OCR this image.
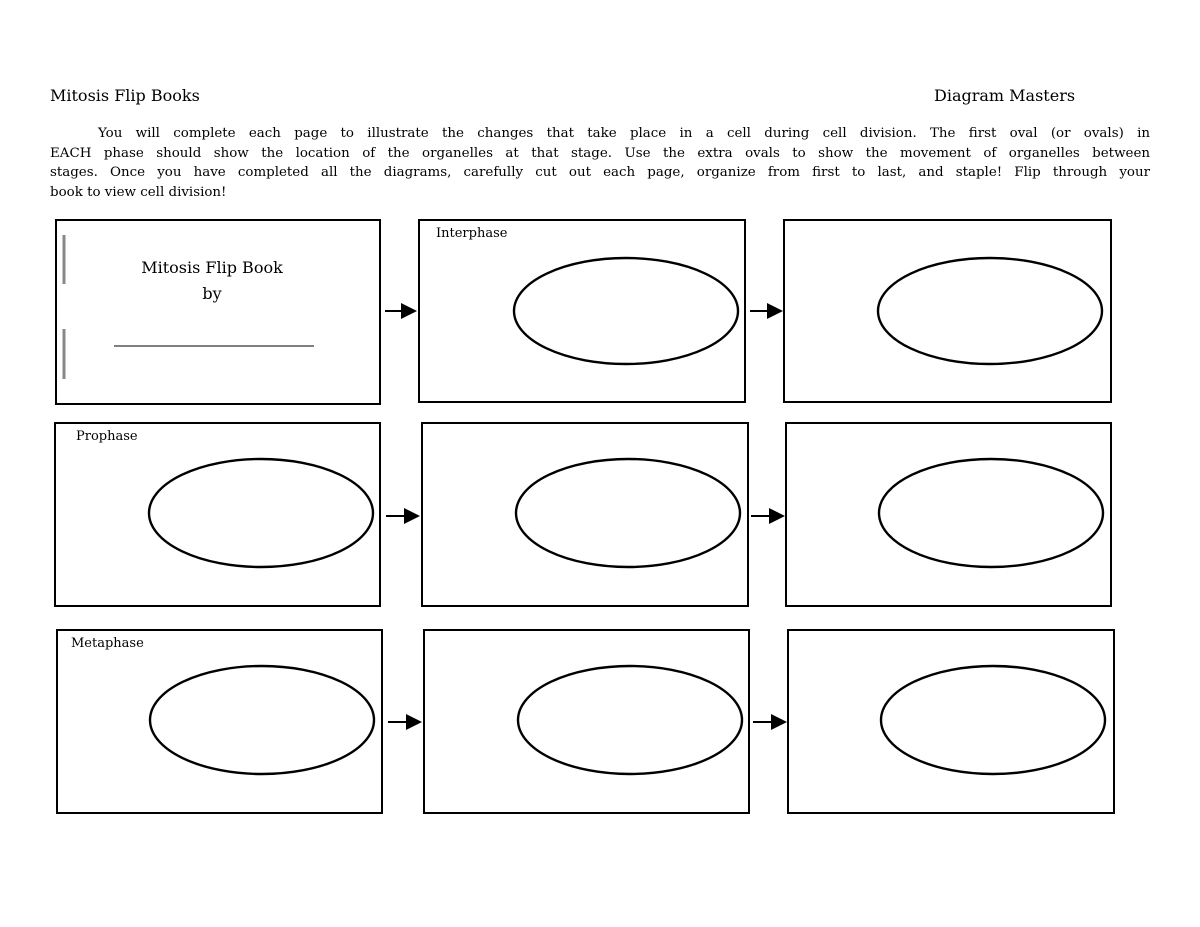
Mitosis Flip Books	Diagram Masters
You will complete each page to illustrate the changes that take place in a cell during cell division. The first oval (or ovals) in
EACH phase should show the location of the organelles at that stage. Use the extra ovals to show the movement of organelles between
stages. Once you have completed all the diagrams, carefully cut out each page, organize from first to last, and staple! Flip through your
book to view cell division!
Mitosis Flip Book
by
Interphase
Prophase
Metaphase
